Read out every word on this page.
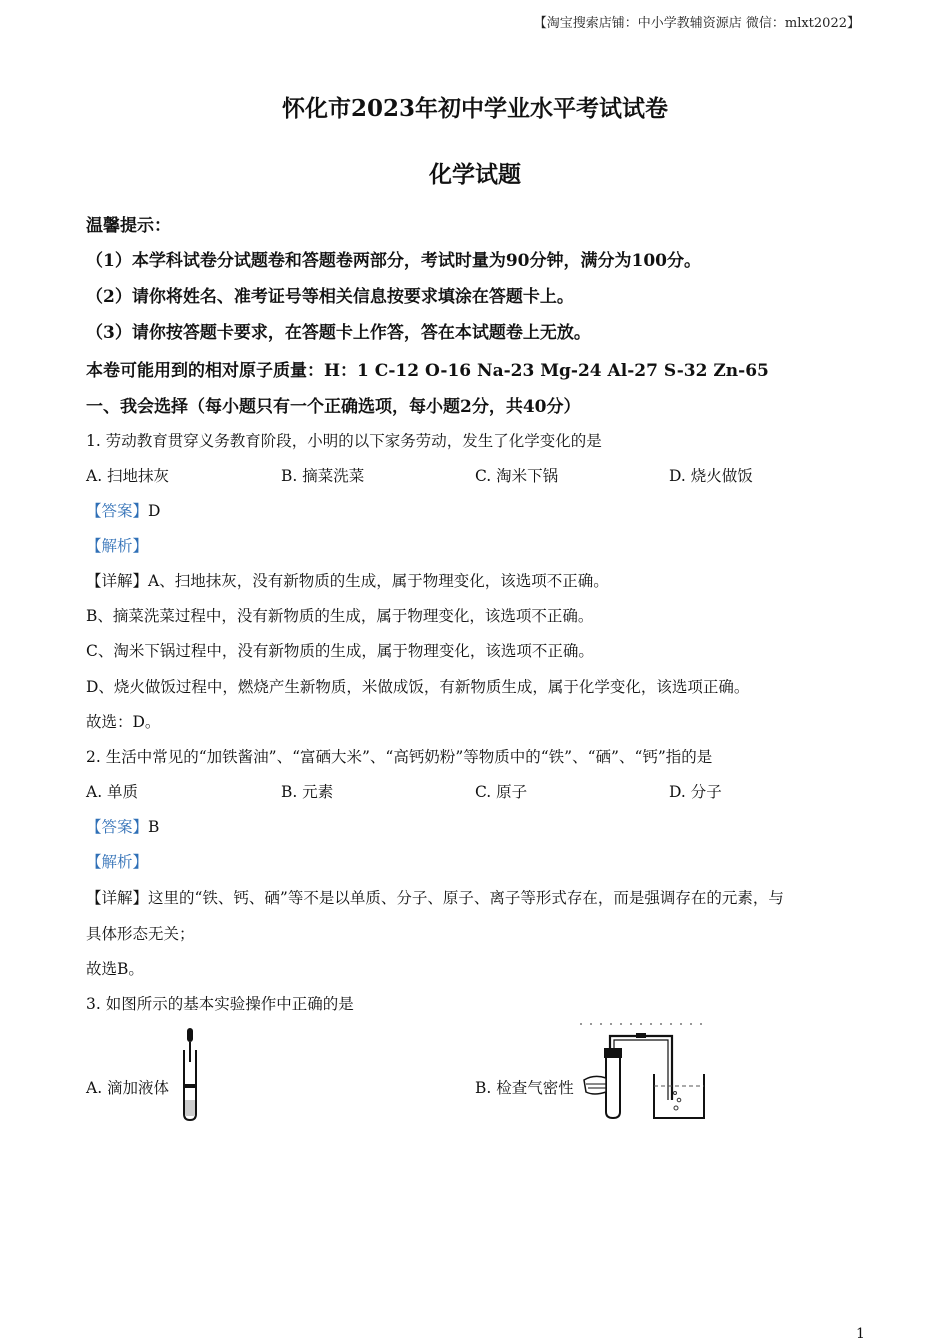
【淘宝搜索店铺：中小学教辅资源店 微信：mlxt2022】
怀化市2023年初中学业水平考试试卷
化学试题
温馨提示：
（1）本学科试卷分试题卷和答题卷两部分，考试时量为90分钟，满分为100分。
（2）请你将姓名、准考证号等相关信息按要求填涂在答题卡上。
（3）请你按答题卡要求，在答题卡上作答，答在本试题卷上无放。
本卷可能用到的相对原子质量：H：1 C-12 O-16 Na-23 Mg-24 Al-27 S-32 Zn-65
一、我会选择（每小题只有一个正确选项，每小题2分，共40分）
1. 劳动教育贯穿义务教育阶段，小明的以下家务劳动，发生了化学变化的是
A. 扫地抹灰	B. 摘菜洗菜	C. 淘米下锅	D. 烧火做饭
【答案】D
【解析】
【详解】A、扫地抹灰，没有新物质的生成，属于物理变化，该选项不正确。
B、摘菜洗菜过程中，没有新物质的生成，属于物理变化，该选项不正确。
C、淘米下锅过程中，没有新物质的生成，属于物理变化，该选项不正确。
D、烧火做饭过程中，燃烧产生新物质，米做成饭，有新物质生成，属于化学变化，该选项正确。
故选：D。
2. 生活中常见的“加铁酱油”、“富硒大米”、“高钙奶粉”等物质中的“铁”、“硒”、“钙”指的是
A. 单质	B. 元素	C. 原子	D. 分子
【答案】B
【解析】
【详解】这里的“铁、钙、硒”等不是以单质、分子、原子、离子等形式存在，而是强调存在的元素，与
具体形态无关；
故选B。
3. 如图所示的基本实验操作中正确的是
A. 滴加液体	B. 检查气密性
1
